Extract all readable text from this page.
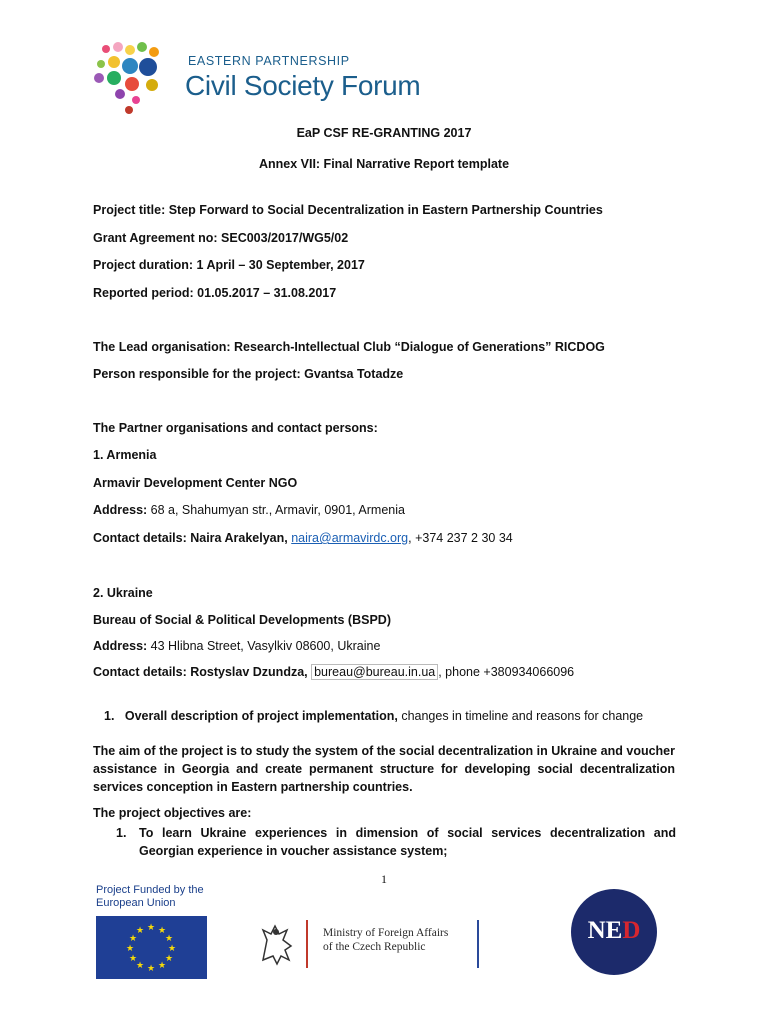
EASTERN PARTNERSHIP
Civil Society Forum
EaP CSF RE-GRANTING 2017
Annex VII: Final Narrative Report template
Project title: Step Forward to Social Decentralization in Eastern Partnership Countries
Grant Agreement no: SEC003/2017/WG5/02
Project duration: 1 April – 30 September, 2017
Reported period: 01.05.2017 – 31.08.2017
The Lead organisation: Research-Intellectual Club “Dialogue of Generations” RICDOG
Person responsible for the project: Gvantsa Totadze
The Partner organisations and contact persons:
1. Armenia
Armavir Development Center NGO
Address: 68 a, Shahumyan str., Armavir, 0901, Armenia
Contact details: Naira Arakelyan, naira@armavirdc.org, +374 237 2 30 34
2. Ukraine
Bureau of Social & Political Developments (BSPD)
Address: 43 Hlibna Street, Vasylkiv 08600, Ukraine
Contact details: Rostyslav Dzundza, bureau@bureau.in.ua , phone +380934066096
1. Overall description of project implementation, changes in timeline and reasons for change
The aim of the project is to study the system of the social decentralization in Ukraine and voucher assistance in Georgia and create permanent structure for developing social decentralization services conception in Eastern partnership countries.
The project objectives are:
1. To learn Ukraine experiences in dimension of social services decentralization and Georgian experience in voucher assistance system;
1
Project Funded by the
European Union
★ ★
★
★
★
★
★
★
★
★
★
★	Ministry of Foreign Affairs
of the Czech Republic
NED
